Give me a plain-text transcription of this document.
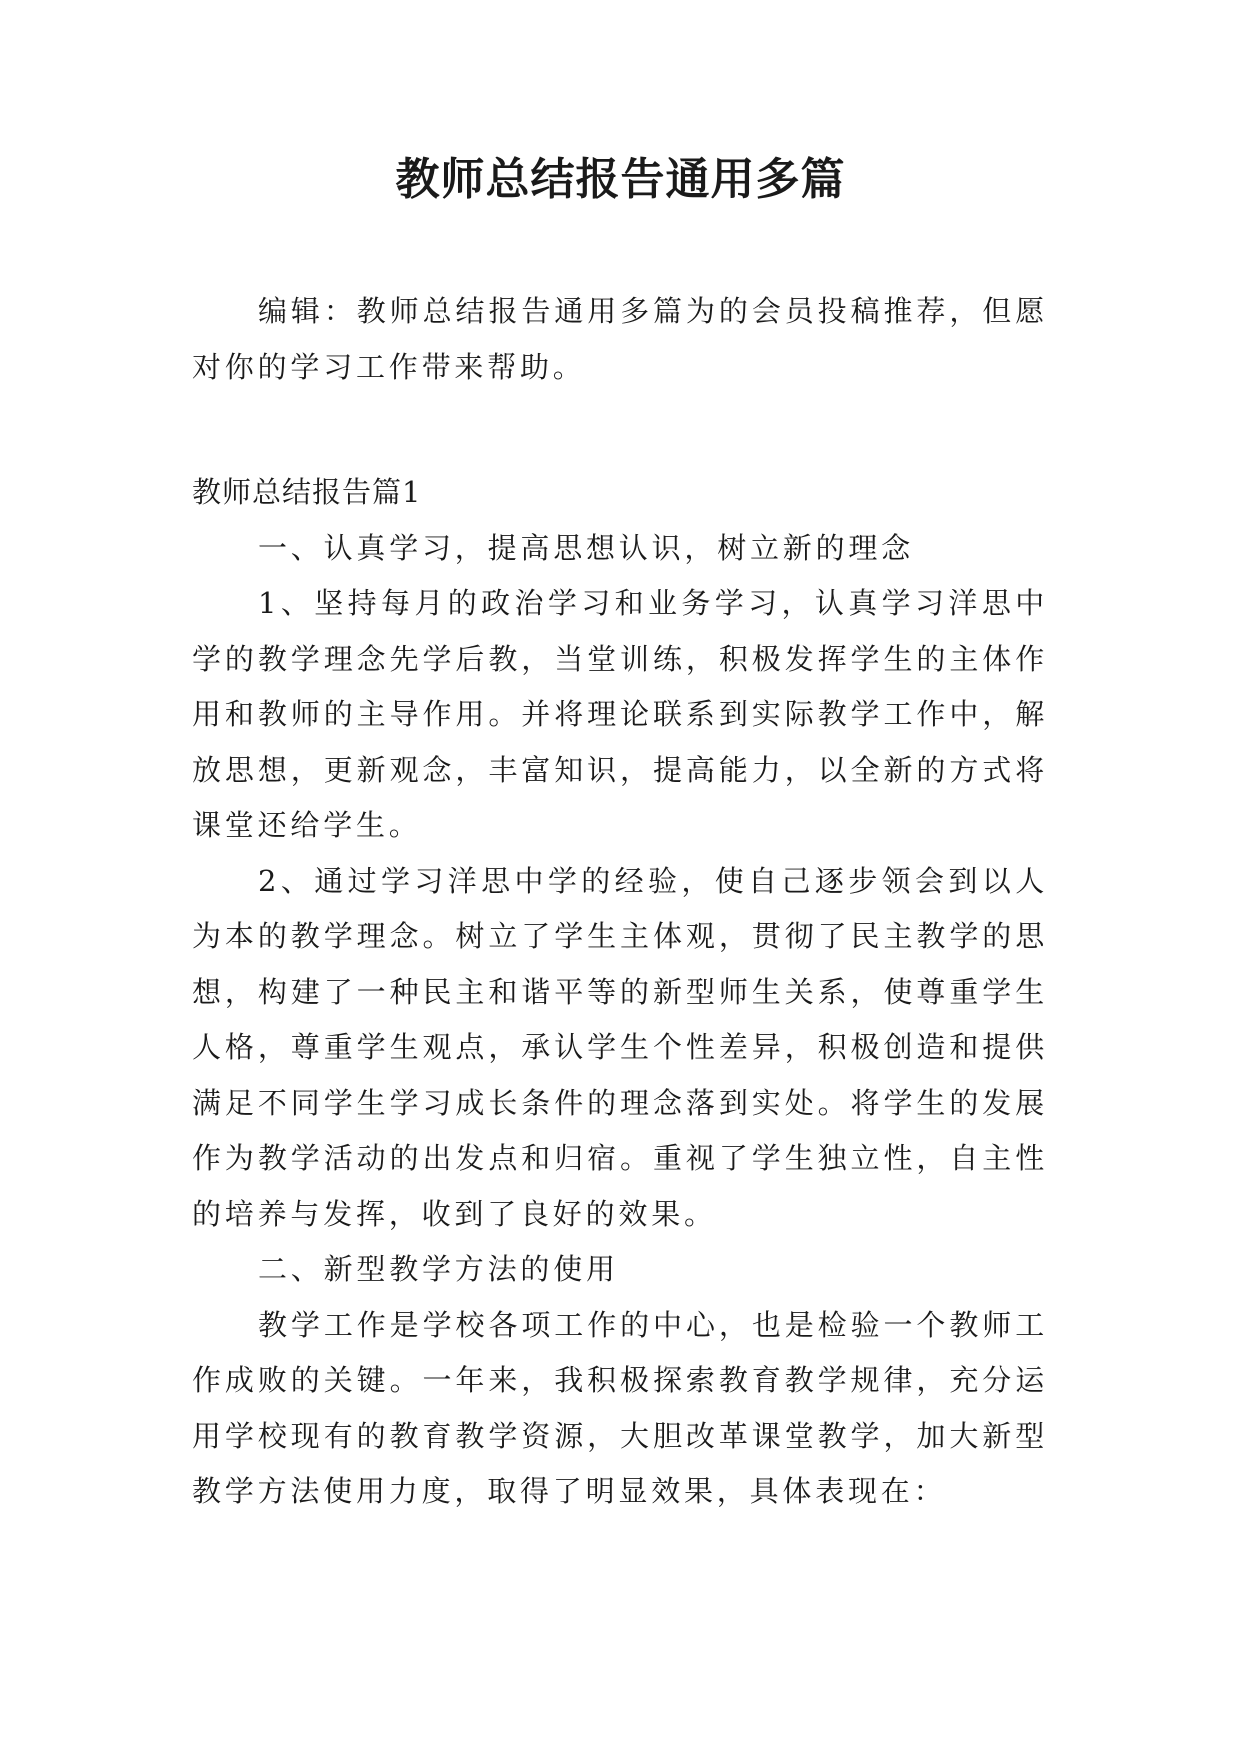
教师总结报告通用多篇

编辑：教师总结报告通用多篇为的会员投稿推荐，但愿对你的学习工作带来帮助。

教师总结报告篇1

一、认真学习，提高思想认识，树立新的理念

1、坚持每月的政治学习和业务学习，认真学习洋思中学的教学理念先学后教，当堂训练，积极发挥学生的主体作用和教师的主导作用。并将理论联系到实际教学工作中，解放思想，更新观念，丰富知识，提高能力，以全新的方式将课堂还给学生。

2、通过学习洋思中学的经验，使自己逐步领会到以人为本的教学理念。树立了学生主体观，贯彻了民主教学的思想，构建了一种民主和谐平等的新型师生关系，使尊重学生人格，尊重学生观点，承认学生个性差异，积极创造和提供满足不同学生学习成长条件的理念落到实处。将学生的发展作为教学活动的出发点和归宿。重视了学生独立性，自主性的培养与发挥，收到了良好的效果。

二、新型教学方法的使用

教学工作是学校各项工作的中心，也是检验一个教师工作成败的关键。一年来，我积极探索教育教学规律，充分运用学校现有的教育教学资源，大胆改革课堂教学，加大新型教学方法使用力度，取得了明显效果，具体表现在：
